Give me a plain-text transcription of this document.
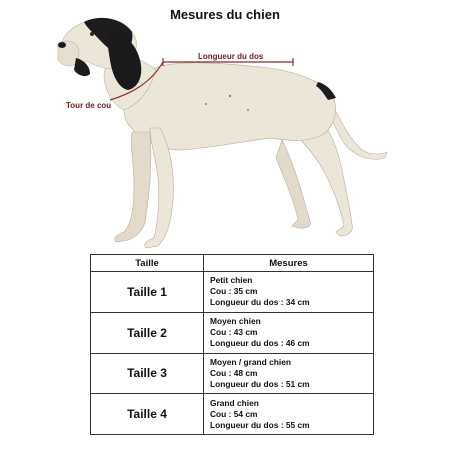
Mesures du chien
Longueur du dos
Tour de cou
Taille	Mesures
Taille 1	Petit chien
Cou : 35 cm
Longueur du dos : 34 cm

Taille 2	Moyen chien
Cou : 43 cm
Longueur du dos : 46 cm

Taille 3	Moyen / grand chien
Cou : 48 cm
Longueur du dos : 51 cm

Taille 4	Grand chien
Cou : 54 cm
Longueur du dos : 55 cm
